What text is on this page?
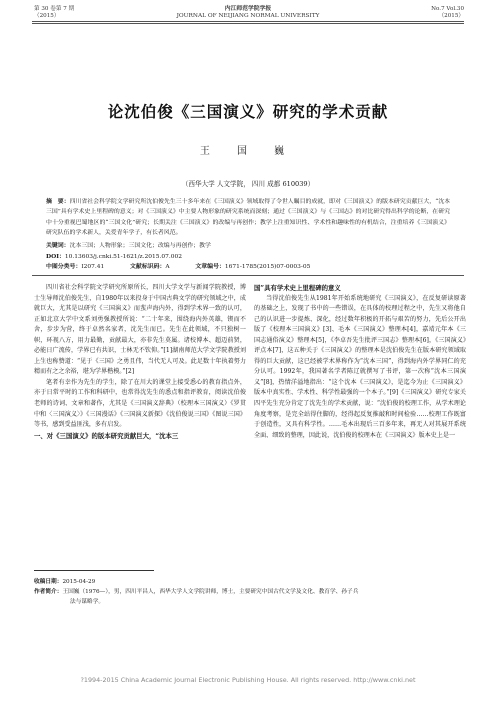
第 30 卷第 7 期
（2015）
内江师范学院学报
JOURNAL OF NEIJIANG NORMAL UNIVERSITY
No.7 Vol.30
（2015）
论沈伯俊《三国演义》研究的学术贡献
王 国 巍
（西华大学 人文学院， 四川 成都 610039）
摘　要：四川省社会科学院文学研究所沈伯俊先生三十多年来在《三国演义》领域取得了令世人瞩目的成就，即对《三国演义》的版本研究贡献巨大，“沈本三国”具有学术史上里程碑的意义；对《三国演义》中主要人物形象的研究系统而深刻；通过《三国演义》与《三国志》的对比研究得出科学的论断，在研究中十分重视巴蜀地区的“三国文化”研究；长期关注《三国演义》的改编与再创作；教学上注重知识性、学术性和趣味性的有机结合，注重培养《三国演义》研究队伍的学术新人，关爱青年学子，有长者风范。
关键词：沈本三国；人物形象；三国文化；改编与再创作；教学
DOI：10.13603/j.cnki.51-1621/z.2015.07.002
中图分类号：I207.41	文献标识码：A	文章编号：1671-1785(2015)07-0003-05

四川省社会科学院文学研究所原所长，四川大学文学与新闻学院教授，博士生导师沈伯俊先生，自1980年以来投身于中国古典文学的研究领域之中，成就巨大，尤其是以研究《三国演义》而蜚声海内外，得到学术界一致的认可，正如北京大学中文系刘勇强教授所说：“二十年来，围绕海内外英雄，锲而不舍，步步为营，终于卓然名家者，沈先生而已。先生在此领域，不只独树一帜，环视八方，用力最勤，贡献最大，亦非先生莫属。诸校博本、超迈前贤，必能日广流传，学界已有共识，士林无不钦仰。”[1]湖南师范大学文学院教授刘上生也称赞道：“见于《三国》之勇且伟，当代无人可及。此足数十年执着努力精而有之之余裕，堪为学界楷模。”[2]

笔者有幸作为先生的学生，除了在川大的课堂上接受悉心的教育指点外，亦于日常平时的工作和科研中，也常得沈先生的悉点和指评教育，阅读沈伯俊老师的诗词、文章和著作，尤其是《三国演义辞典》（校理本三国演义）《罗贯中和〈三国演义〉》《三国漫话》《三国演义新探》《沈伯俊说三国》《图说三国》等书，感到受益匪浅，多有启发。

一、对《三国演义》的版本研究贡献巨大，“沈本三

国”具有学术史上里程碑的意义

当得沈伯俊先生从1981年开始系统地研究《三国演义》，在反复研读原著的基础之上，发现了书中的一些错误，在具体的校理过程之中，先生又将他自己的认识进一步提炼、深化，经过数年积极的开拓与艰苦的努力，先后公开出版了《校理本三国演义》[3]、毛本《三国演义》整理本[4]，嘉靖元年本《三国志通俗演义》整理本[5]，《李卓吾先生批评三国志》整理本[6]，《三国演义》评点本[7]，这五种关于《三国演义》的整理本是沈伯俊先生在版本研究领域取得的巨大贡献，这已经被学术界称作为“沈本三国”，得到海内外学界同仁的充分认可。1992年，我国著名学者陈辽就撰写了书评，第一次称“沈本三国演义”[8]，热情洋溢地指出：“这个沈本《三国演义》，是迄今为止《三国演义》版本中真实性、学术性、科学性最强的一个本子。”[9]《三国演义》研究专家关四平先生充分肯定了沈先生的学术贡献，说：“沈伯俊的校理工作，从学术理论角度考察，是完全站得住脚的，经得起反复推敲和时间检验……校理工作既富于创造性，又具有科学性。……毛本出现后三百多年来，再无人对其展开系统全面、细致的整理，因此说，沈伯俊的校理本在《三国演义》版本史上是一

收稿日期：2015-04-29
作者简介：王国巍（1976—），男，四川平昌人，西华大学人文学院讲师，博士，主要研究中国古代文学及文化、教育学、孙子兵
法与谋略学。
?1994-2015 China Academic Journal Electronic Publishing House. All rights reserved. http://www.cnki.net
